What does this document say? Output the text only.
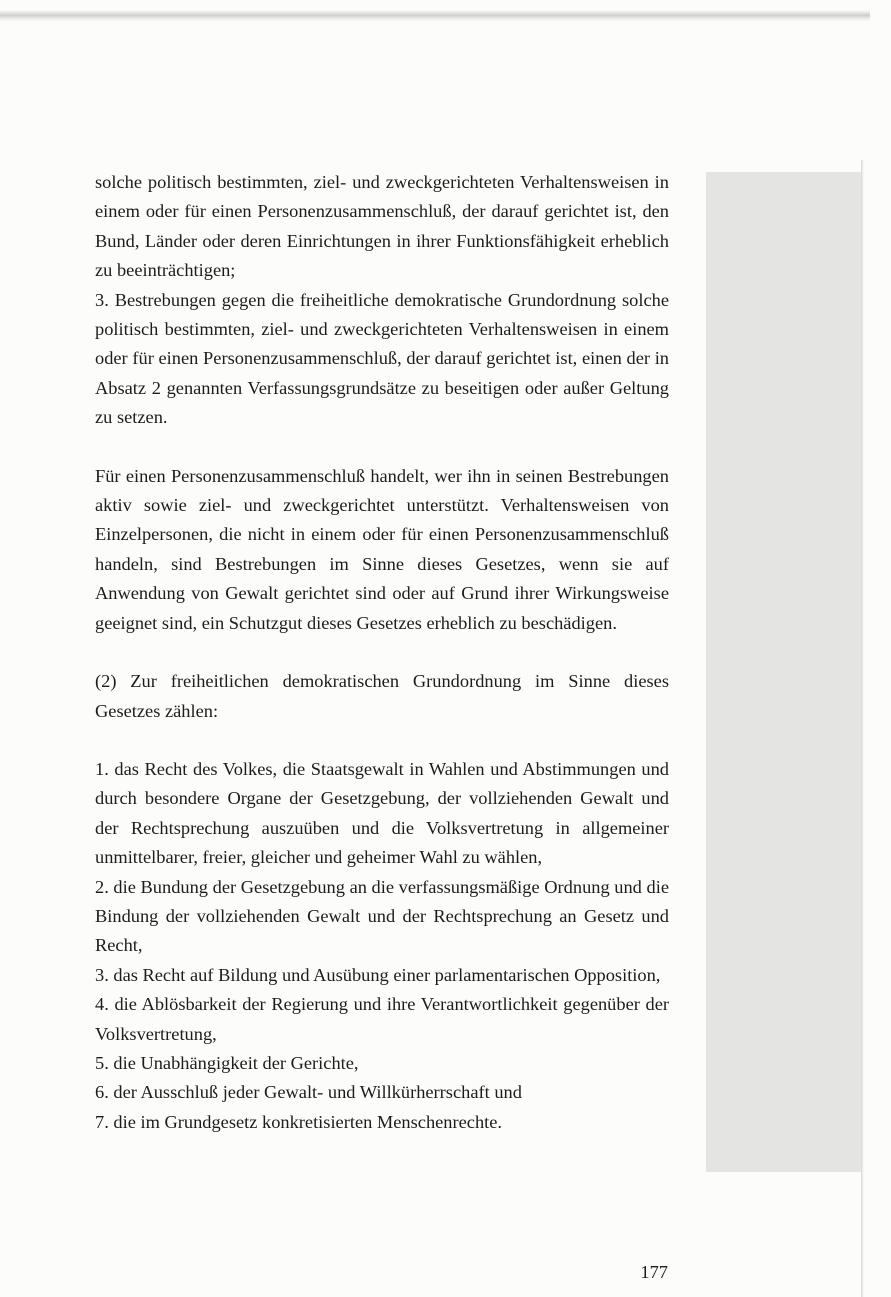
solche politisch bestimmten, ziel- und zweckgerichteten Verhaltensweisen in einem oder für einen Personenzusammenschluß, der darauf gerichtet ist, den Bund, Länder oder deren Einrichtungen in ihrer Funktionsfähigkeit erheblich zu beeinträchtigen;

3. Bestrebungen gegen die freiheitliche demokratische Grundordnung solche politisch bestimmten, ziel- und zweckgerichteten Verhaltensweisen in einem oder für einen Personenzusammenschluß, der darauf gerichtet ist, einen der in Absatz 2 genannten Verfassungsgrundsätze zu beseitigen oder außer Geltung zu setzen.

Für einen Personenzusammenschluß handelt, wer ihn in seinen Bestrebungen aktiv sowie ziel- und zweckgerichtet unterstützt. Verhaltensweisen von Einzelpersonen, die nicht in einem oder für einen Personenzusammenschluß handeln, sind Bestrebungen im Sinne dieses Gesetzes, wenn sie auf Anwendung von Gewalt gerichtet sind oder auf Grund ihrer Wirkungsweise geeignet sind, ein Schutzgut dieses Gesetzes erheblich zu beschädigen.

(2) Zur freiheitlichen demokratischen Grundordnung im Sinne dieses Gesetzes zählen:

1. das Recht des Volkes, die Staatsgewalt in Wahlen und Abstimmungen und durch besondere Organe der Gesetzgebung, der vollziehenden Gewalt und der Rechtsprechung auszuüben und die Volksvertretung in allgemeiner unmittelbarer, freier, gleicher und geheimer Wahl zu wählen,

2. die Bundung der Gesetzgebung an die verfassungsmäßige Ordnung und die Bindung der vollziehenden Gewalt und der Rechtsprechung an Gesetz und Recht,

3. das Recht auf Bildung und Ausübung einer parlamentarischen Opposition,

4. die Ablösbarkeit der Regierung und ihre Verantwortlichkeit gegenüber der Volksvertretung,

5. die Unabhängigkeit der Gerichte,

6. der Ausschluß jeder Gewalt- und Willkürherrschaft und

7. die im Grundgesetz konkretisierten Menschenrechte.

177
